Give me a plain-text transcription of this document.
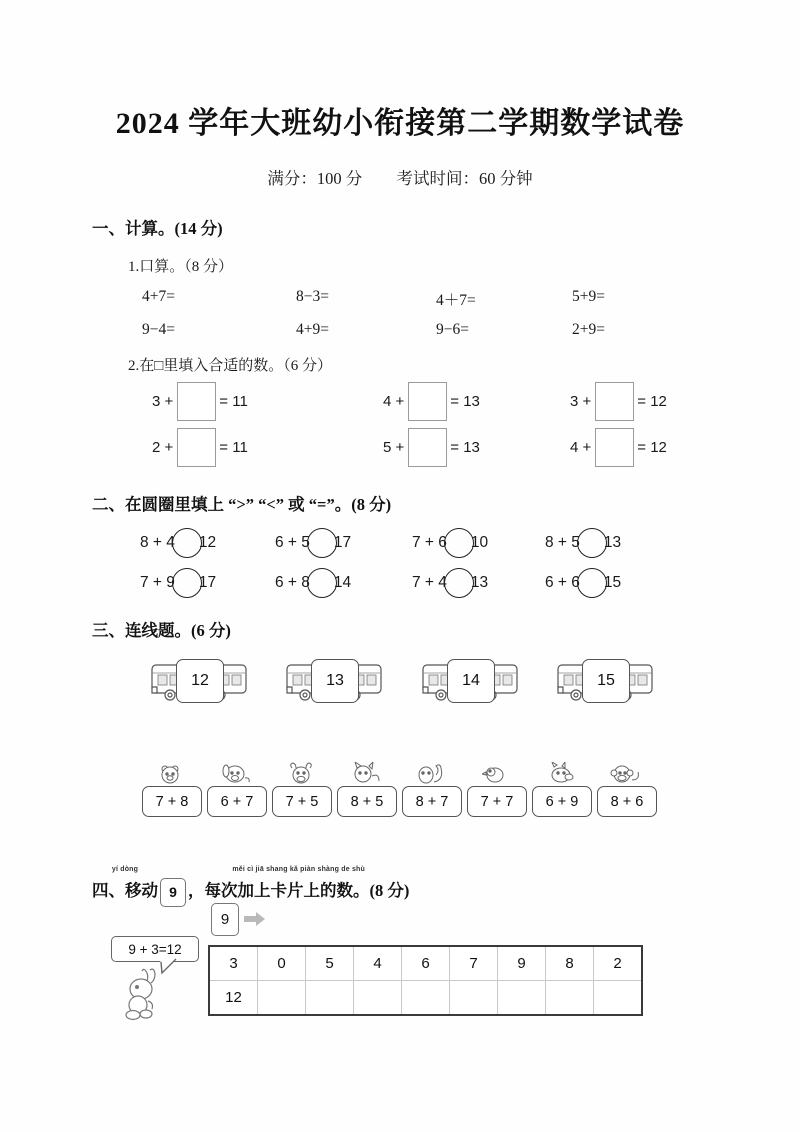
2024 学年大班幼小衔接第二学期数学试卷
满分：100 分 考试时间：60 分钟
一、计算。(14 分)
1.口算。（8 分）
4+7=	8−3=	4＋7=	5+9=
9−4=	4+9=	9−6=	2+9=
2.在□里填入合适的数。（6 分）
3 +	= 11	4 +	= 13	3 +	= 12
2 +	= 11	5 +	= 13	4 +	= 12
二、在圆圈里填上 “>” “<” 或 “=”。(8 分)
8 + 4 12	6 + 5 17	7 + 6 10	8 + 5 13
7 + 9 17	6 + 8 14	7 + 4 13	6 + 6 15
三、连线题。(6 分)
12	13	14	15
7 + 8	6 + 7	7 + 5	8 + 5	8 + 7	7 + 7	6 + 9	8 + 6
yí dòng
四、移动 9
měi cì jiā shang kǎ piàn shàng de shù
，每次加上卡片上的数。(8 分)
9
9 + 3=12
3	0	5	4	6	7	9	8	2
12								
